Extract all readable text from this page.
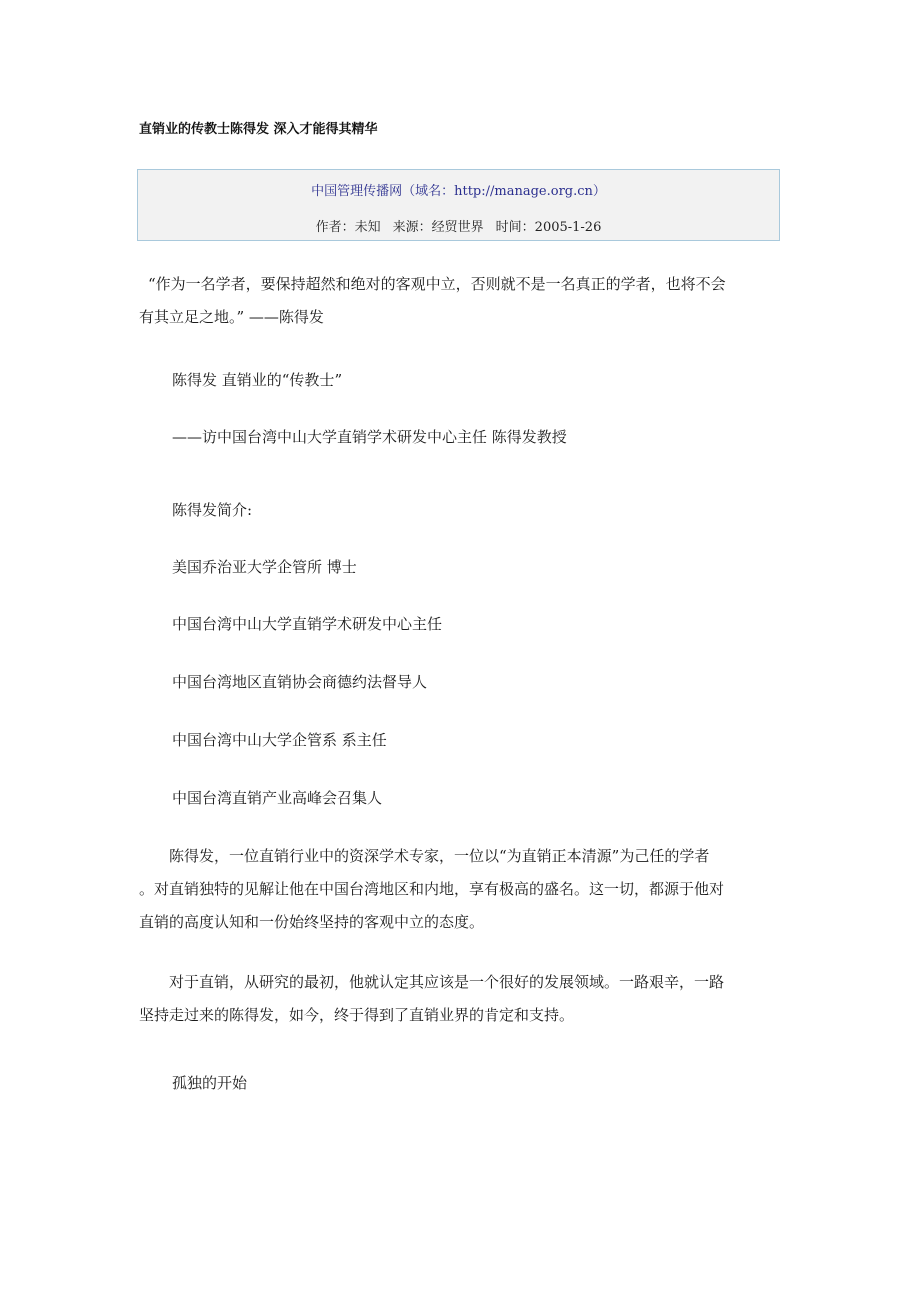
直销业的传教士陈得发 深入才能得其精华
中国管理传播网（域名：http://manage.org.cn）
作者：未知 来源：经贸世界 时间：2005-1-26
“作为一名学者，要保持超然和绝对的客观中立，否则就不是一名真正的学者，也将不会
有其立足之地。” ——陈得发
陈得发 直销业的“传教士”
——访中国台湾中山大学直销学术研发中心主任 陈得发教授
陈得发简介:
美国乔治亚大学企管所 博士
中国台湾中山大学直销学术研发中心主任
中国台湾地区直销协会商德约法督导人
中国台湾中山大学企管系 系主任
中国台湾直销产业高峰会召集人
　　陈得发，一位直销行业中的资深学术专家，一位以“为直销正本清源”为己任的学者
。对直销独特的见解让他在中国台湾地区和内地，享有极高的盛名。这一切，都源于他对
直销的高度认知和一份始终坚持的客观中立的态度。
　　对于直销，从研究的最初，他就认定其应该是一个很好的发展领域。一路艰辛，一路
坚持走过来的陈得发，如今，终于得到了直销业界的肯定和支持。
孤独的开始
